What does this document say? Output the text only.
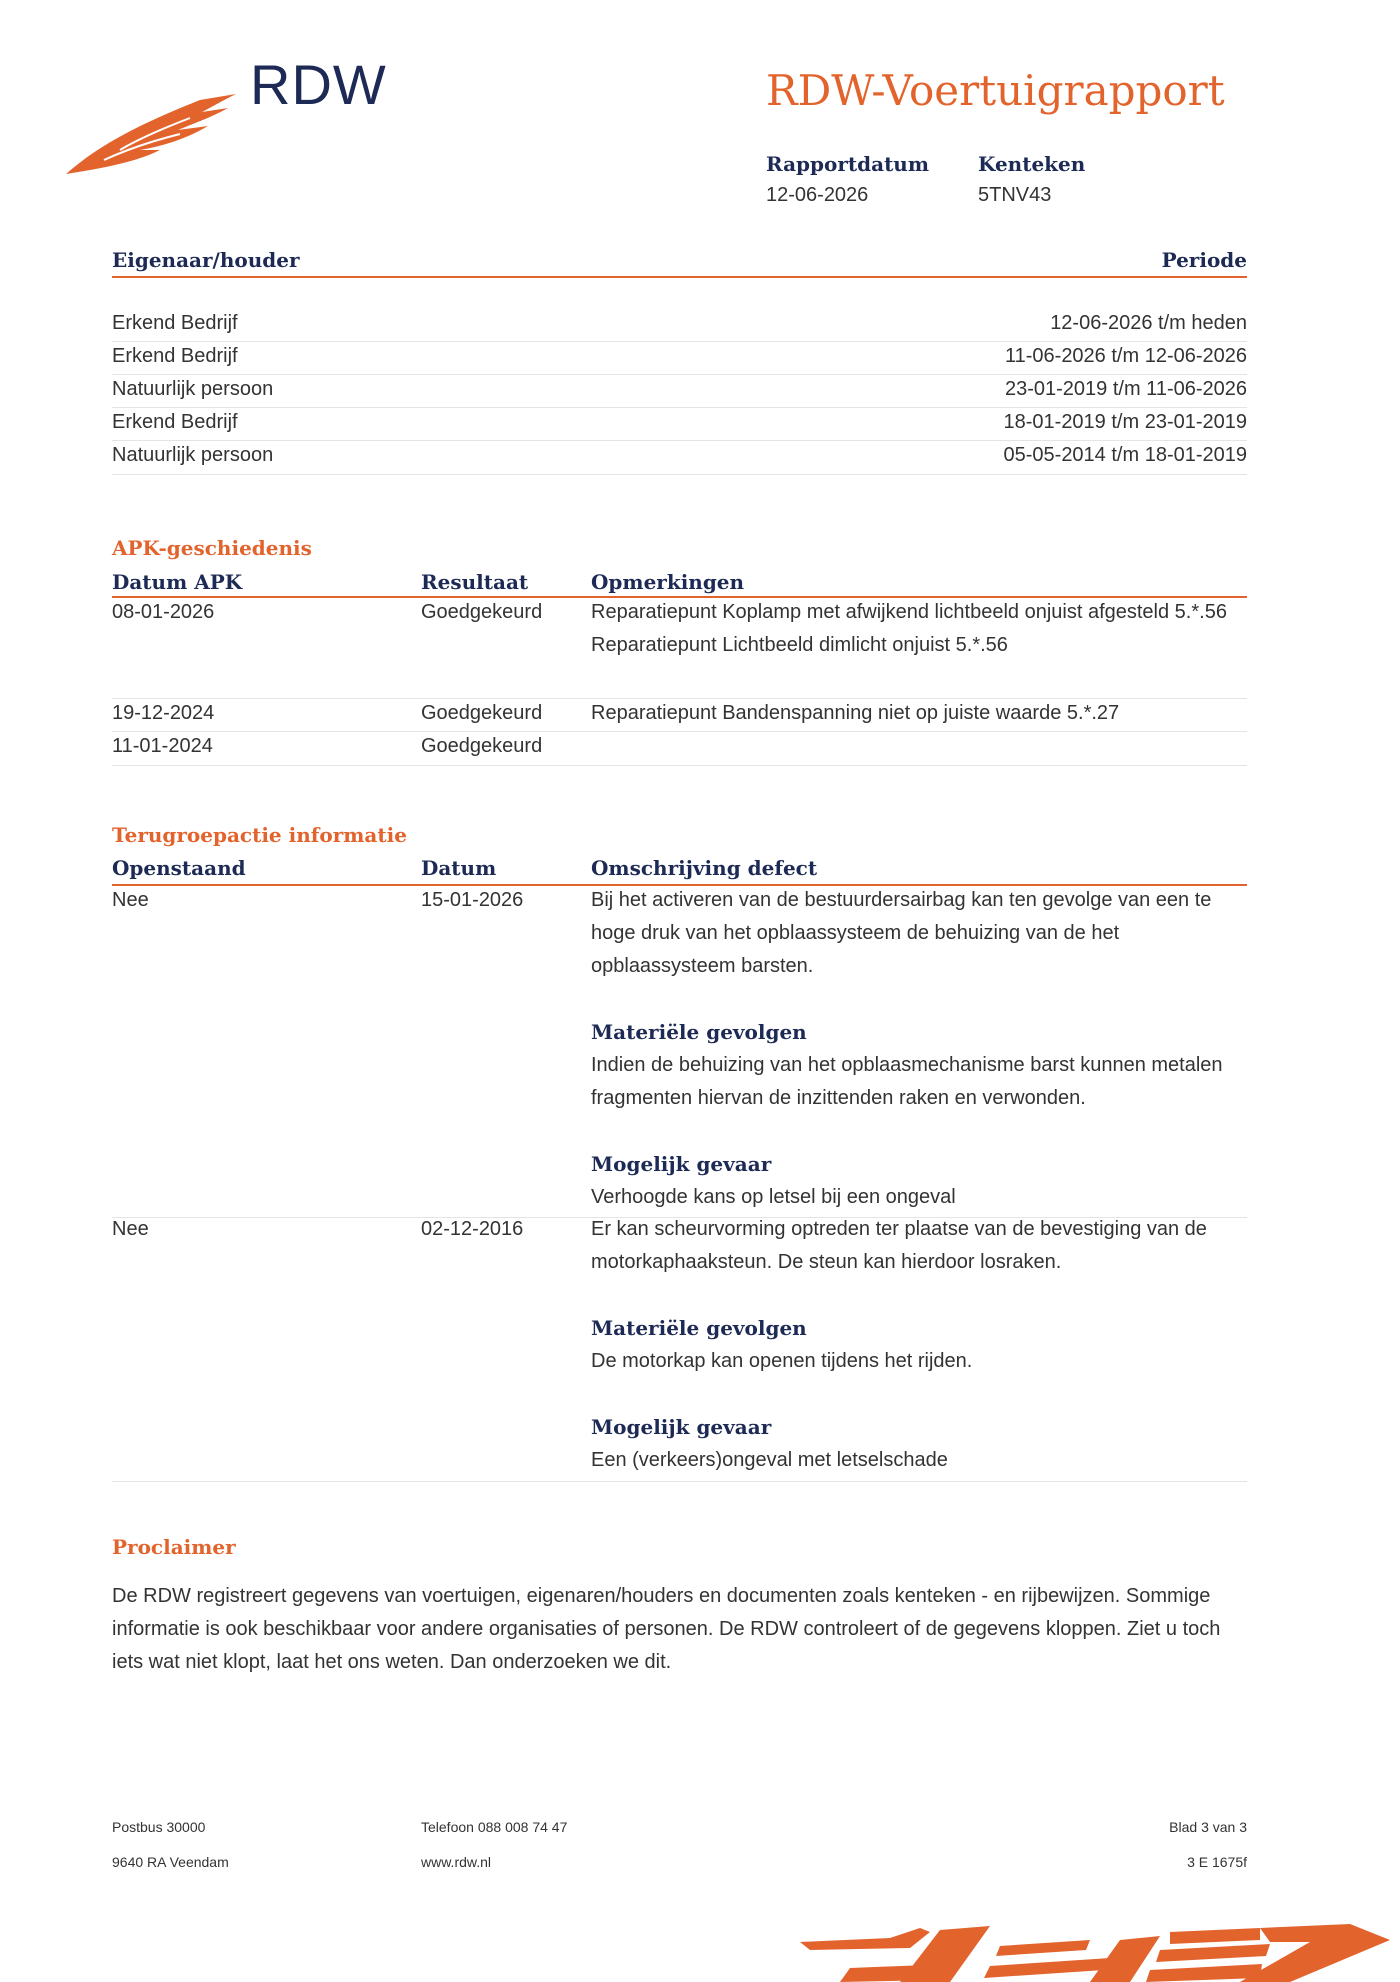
RDW	RDW-Voertuigrapport
Rapportdatum
12-06-2026
Kenteken
5TNV43
Eigenaar/houder	Periode
Erkend Bedrijf	12-06-2026 t/m heden
Erkend Bedrijf	11-06-2026 t/m 12-06-2026
Natuurlijk persoon	23-01-2019 t/m 11-06-2026
Erkend Bedrijf	18-01-2019 t/m 23-01-2019
Natuurlijk persoon	05-05-2014 t/m 18-01-2019
APK-geschiedenis
Datum APK	Resultaat	Opmerkingen
08-01-2026	Goedgekeurd Reparatiepunt Koplamp met afwijkend lichtbeeld onjuist afgesteld 5.*.56
Reparatiepunt Lichtbeeld dimlicht onjuist 5.*.56
19-12-2024	Goedgekeurd Reparatiepunt Bandenspanning niet op juiste waarde 5.*.27
11-01-2024	Goedgekeurd
Terugroepactie informatie
Openstaand	Datum	Omschrijving defect
Nee	15-01-2026	Bij het activeren van de bestuurdersairbag kan ten gevolge van een te hoge druk van het opblaassysteem de behuizing van de het opblaassysteem barsten.
Materiële gevolgen
Indien de behuizing van het opblaasmechanisme barst kunnen metalen fragmenten hiervan de inzittenden raken en verwonden.
Mogelijk gevaar
Verhoogde kans op letsel bij een ongeval
Nee	02-12-2016	Er kan scheurvorming optreden ter plaatse van de bevestiging van de motorkaphaaksteun. De steun kan hierdoor losraken.
Materiële gevolgen
De motorkap kan openen tijdens het rijden.
Mogelijk gevaar
Een (verkeers)ongeval met letselschade
Proclaimer
De RDW registreert gegevens van voertuigen, eigenaren/houders en documenten zoals kenteken - en rijbewijzen. Sommige informatie is ook beschikbaar voor andere organisaties of personen. De RDW controleert of de gegevens kloppen. Ziet u toch iets wat niet klopt, laat het ons weten. Dan onderzoeken we dit.
Postbus 30000
9640 RA Veendam
Telefoon 088 008 74 47
www.rdw.nl
Blad 3 van 3
3 E 1675f
